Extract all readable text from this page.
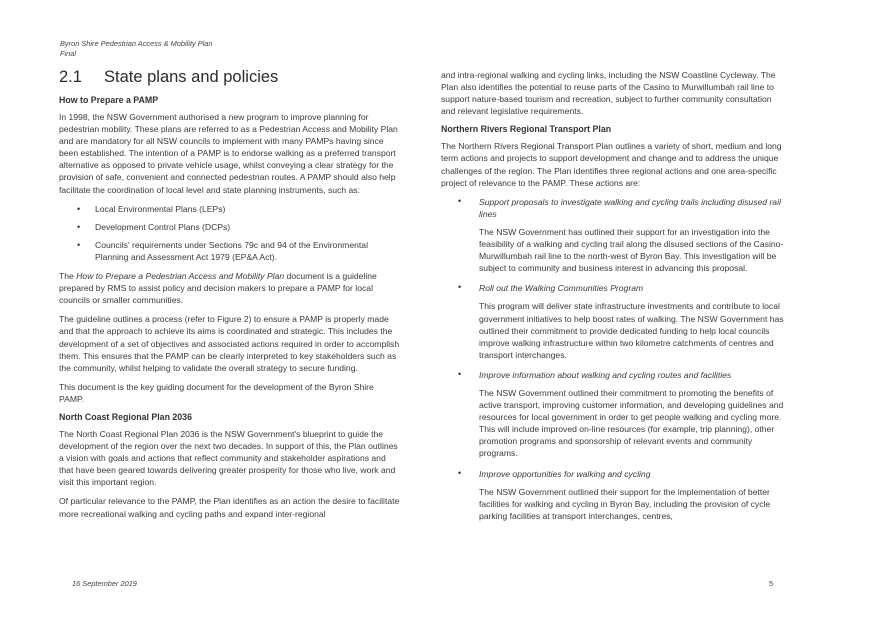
Byron Shire Pedestrian Access & Mobility Plan
Final
2.1	State plans and policies
How to Prepare a PAMP

In 1998, the NSW Government authorised a new program to improve planning for pedestrian mobility. These plans are referred to as a Pedestrian Access and Mobility Plan and are mandatory for all NSW councils to implement with many PAMPs having since been established. The intention of a PAMP is to endorse walking as a preferred transport alternative as opposed to private vehicle usage, whilst conveying a clear strategy for the provision of safe, convenient and connected pedestrian routes. A PAMP should also help facilitate the coordination of local level and state planning instruments, such as:

• Local Environmental Plans (LEPs)
• Development Control Plans (DCPs)
• Councils' requirements under Sections 79c and 94 of the Environmental Planning and Assessment Act 1979 (EP&A Act).

The How to Prepare a Pedestrian Access and Mobility Plan document is a guideline prepared by RMS to assist policy and decision makers to prepare a PAMP for local councils or smaller communities.

The guideline outlines a process (refer to Figure 2) to ensure a PAMP is properly made and that the approach to achieve its aims is coordinated and strategic. This includes the development of a set of objectives and associated actions required in order to accomplish them. This ensures that the PAMP can be clearly interpreted to key stakeholders such as the community, whilst helping to validate the overall strategy to secure funding.

This document is the key guiding document for the development of the Byron Shire PAMP.

North Coast Regional Plan 2036

The North Coast Regional Plan 2036 is the NSW Government's blueprint to guide the development of the region over the next two decades. In support of this, the Plan outlines a vision with goals and actions that reflect community and stakeholder aspirations and that have been geared towards delivering greater prosperity for those who live, work and visit this important region.

Of particular relevance to the PAMP, the Plan identifies as an action the desire to facilitate more recreational walking and cycling paths and expand inter-regional

and intra-regional walking and cycling links, including the NSW Coastline Cycleway. The Plan also identifies the potential to reuse parts of the Casino to Murwillumbah rail line to support nature-based tourism and recreation, subject to further community consultation and relevant legislative requirements.

Northern Rivers Regional Transport Plan

The Northern Rivers Regional Transport Plan outlines a variety of short, medium and long term actions and projects to support development and change and to address the unique challenges of the region. The Plan identifies three regional actions and one area-specific project of relevance to the PAMP. These actions are:

• Support proposals to investigate walking and cycling trails including disused rail lines
The NSW Government has outlined their support for an investigation into the feasibility of a walking and cycling trail along the disused sections of the Casino-Murwillumbah rail line to the north-west of Byron Bay. This investigation will be subject to community and business interest in advancing this proposal.
• Roll out the Walking Communities Program
This program will deliver state infrastructure investments and contribute to local government initiatives to help boost rates of walking. The NSW Government has outlined their commitment to provide dedicated funding to help local councils improve walking infrastructure within two kilometre catchments of centres and transport interchanges.
• Improve information about walking and cycling routes and facilities
The NSW Government outlined their commitment to promoting the benefits of active transport, improving customer information, and developing guidelines and resources for local government in order to get people walking and cycling more. This will include improved on-line resources (for example, trip planning), other promotion programs and sponsorship of relevant events and community programs.
• Improve opportunities for walking and cycling
The NSW Government outlined their support for the implementation of better facilities for walking and cycling in Byron Bay, including the provision of cycle parking facilities at transport interchanges, centres,
16 September 2019	5
